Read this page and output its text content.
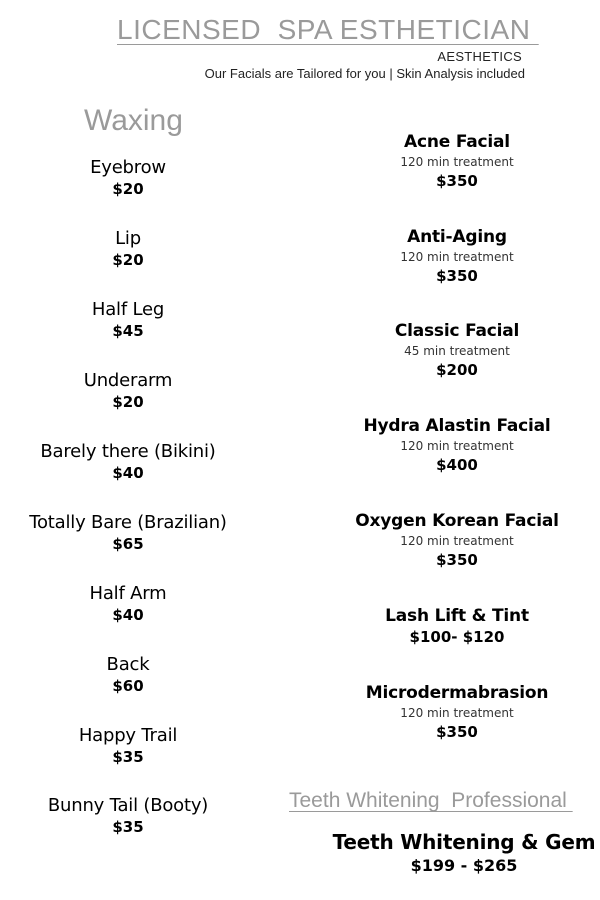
LICENSED  SPA ESTHETICIAN
AESTHETICS
Our Facials are Tailored for you | Skin Analysis included
Waxing
Eyebrow
$20
Lip
$20
Half Leg
$45
Underarm
$20
Barely there (Bikini)
$40
Totally Bare (Brazilian)
$65
Half Arm
$40
Back
$60
Happy Trail
$35
Bunny Tail (Booty)
$35
Acne Facial
120 min treatment
$350
Anti-Aging
120 min treatment
$350
Classic Facial
45 min treatment
$200
Hydra Alastin Facial
120 min treatment
$400
Oxygen Korean Facial
120 min treatment
$350
Lash Lift & Tint
$100- $120
Microdermabrasion
120 min treatment
$350
Teeth Whitening  Professional
Teeth Whitening & Gem
$199 - $265
